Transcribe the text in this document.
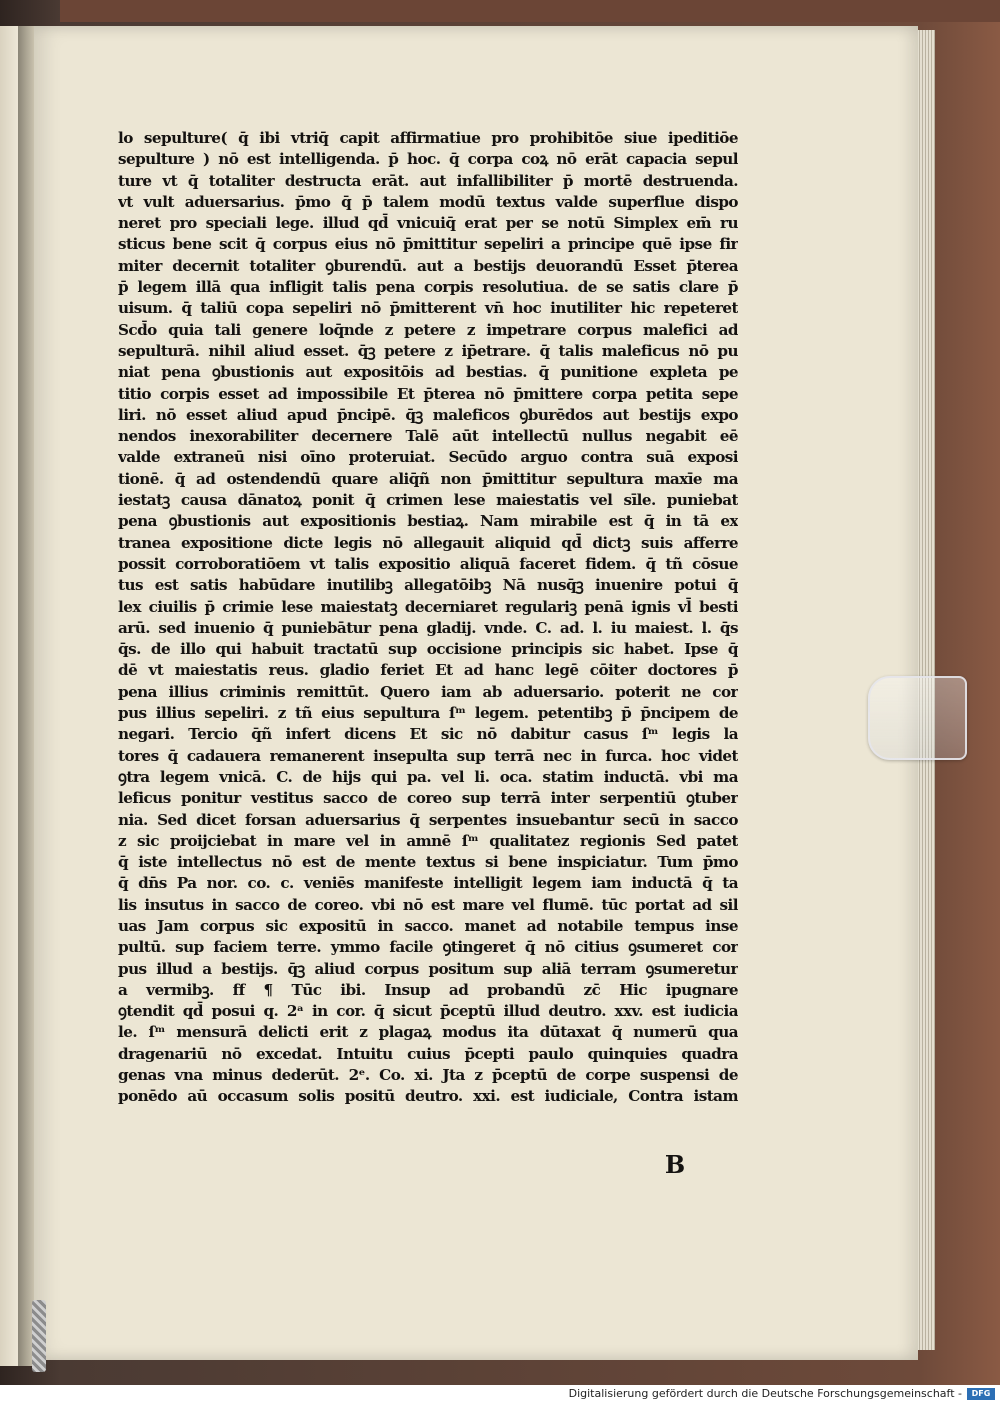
lo sepulture( q̄ ibi vtriq̄ capit affirmatiue pro prohibitōe siue ipeditiōe
sepulture ) nō est intelligenda. p̄ hoc. q̄ corpa coꝝ nō erāt capacia sepul
ture vt q̄ totaliter destructa erāt. aut infallibiliter p̄ mortē destruenda.
vt vult aduersarius. p̄mo q̄ p̄ talem modū textus valde superflue dispo
neret pro speciali lege. illud qd̄ vnicuiq̄ erat per se notū Simplex em̄ ru
sticus bene scit q̄ corpus eius nō p̄mittitur sepeliri a principe quē ipse fir
miter decernit totaliter ꝯburendū. aut a bestijs deuorandū Esset p̄terea
p̄ legem illā qua infligit talis pena corpis resolutiua. de se satis clare p̄
uisum. q̄ taliū copa sepeliri nō p̄mitterent vn̄ hoc inutiliter hic repeteret
Scd̄o quia tali genere loq̄nde z petere z impetrare corpus malefici ad
sepulturā. nihil aliud esset. q̄ꝫ petere z ip̄etrare. q̄ talis maleficus nō pu
niat pena ꝯbustionis aut expositōis ad bestias. q̄ punitione expleta pe
titio corpis esset ad impossibile Et p̄terea nō p̄mittere corpa petita sepe
liri. nō esset aliud apud p̄ncipē. q̄ꝫ maleficos ꝯburēdos aut bestijs expo
nendos inexorabiliter decernere Talē aūt intellectū nullus negabit eē
valde extraneū nisi oīno proteruiat. Secūdo arguo contra suā exposi
tionē. q̄ ad ostendendū quare aliq̄ñ non p̄mittitur sepultura maxīe ma
iestatꝫ causa dānatoꝝ ponit q̄ crimen lese maiestatis vel sīle. puniebat
pena ꝯbustionis aut expositionis bestiaꝝ. Nam mirabile est q̄ in tā ex
tranea expositione dicte legis nō allegauit aliquid qd̄ dictꝫ suis afferre
possit corroboratiōem vt talis expositio aliquā faceret fidem. q̄ tñ cōsue
tus est satis habūdare inutilibꝫ allegatōibꝫ Nā nusq̄ꝫ inuenire potui q̄
lex ciuilis p̄ crimie lese maiestatꝫ decerniaret regulariꝫ penā ignis vl̄ besti
arū. sed inuenio q̄ puniebātur pena gladij. vnde. C. ad. l. iu maiest. l. q̄s
q̄s. de illo qui habuit tractatū sup occisione principis sic habet. Ipse q̄
dē vt maiestatis reus. gladio feriet Et ad hanc legē cōiter doctores p̄
pena illius criminis remittūt. Quero iam ab aduersario. poterit ne cor
pus illius sepeliri. z tñ eius sepultura ſᵐ legem. petentibꝫ p̄ p̄ncipem de
negari. Tercio q̄ñ infert dicens Et sic nō dabitur casus ſᵐ legis la
tores q̄ cadauera remanerent insepulta sup terrā nec in furca. hoc videt
ꝯtra legem vnicā. C. de hijs qui pa. vel li. oca. statim inductā. vbi ma
leficus ponitur vestitus sacco de coreo sup terrā inter serpentiū ꝯtuber
nia. Sed dicet forsan aduersarius q̄ serpentes insuebantur secū in sacco
z sic proijciebat in mare vel in amnē ſᵐ qualitatez regionis Sed patet
q̄ iste intellectus nō est de mente textus si bene inspiciatur. Tum p̄mo
q̄ dn̄s Pa nor. co. c. veniēs manifeste intelligit legem iam inductā q̄ ta
lis insutus in sacco de coreo. vbi nō est mare vel flumē. tūc portat ad sil
uas Jam corpus sic expositū in sacco. manet ad notabile tempus inse
pultū. sup faciem terre. ymmo facile ꝯtingeret q̄ nō citius ꝯsumeret cor
pus illud a bestijs. q̄ꝫ aliud corpus positum sup aliā terram ꝯsumeretur
a vermibꝫ. ff ¶ Tūc ibi. Insup ad probandū zc̄ Hic ipugnare
ꝯtendit qd̄ posui q. 2ᵃ in cor. q̄ sicut p̄ceptū illud deutro. xxv. est iudicia
le. ſᵐ mensurā delicti erit z plagaꝝ modus ita dūtaxat q̄ numerū qua
dragenariū nō excedat. Intuitu cuius p̄cepti paulo quinquies quadra
genas vna minus dederūt. 2ᵉ. Co. xi. Jta z p̄ceptū de corpe suspensi de
ponēdo aū occasum solis positū deutro. xxi. est iudiciale, Contra istam
B
Digitalisierung gefördert durch die Deutsche Forschungsgemeinschaft -	DFG
